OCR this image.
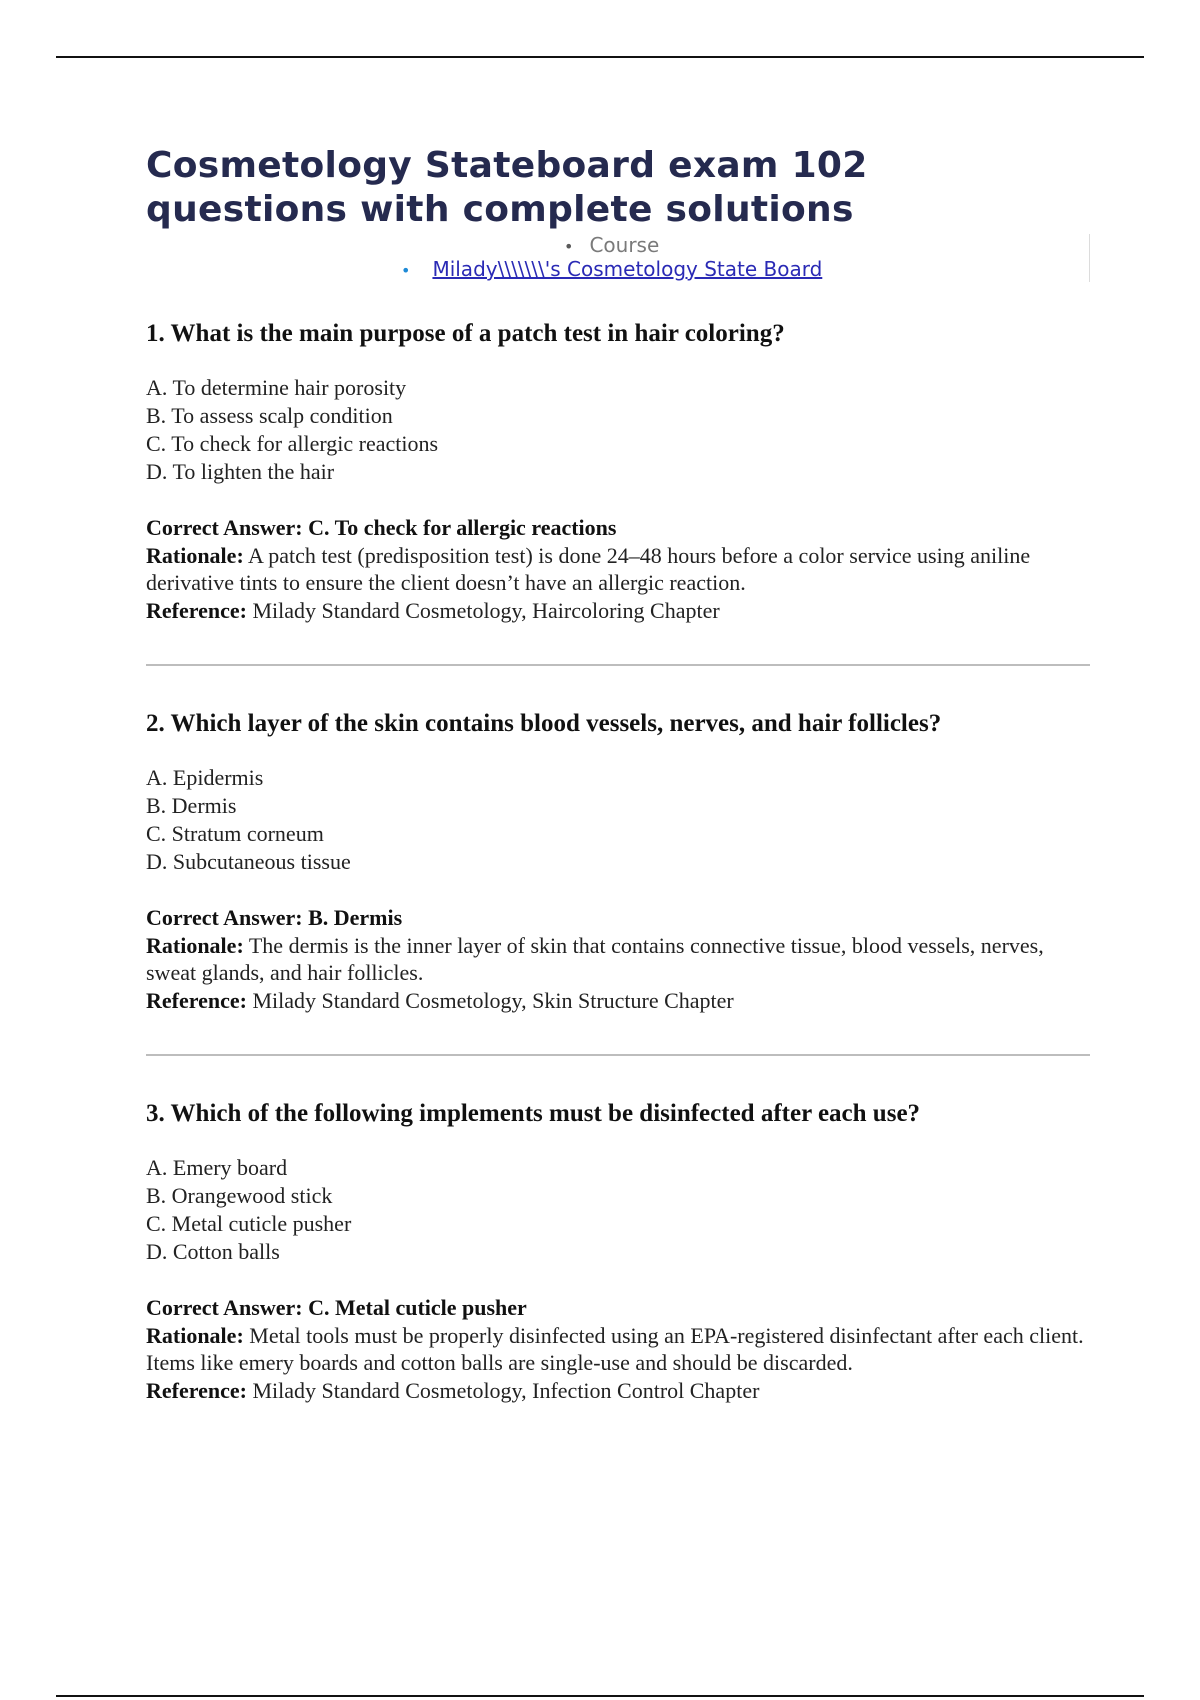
Cosmetology Stateboard exam 102
questions with complete solutions
• Course
• Milady\\\\\\\'s Cosmetology State Board
1. What is the main purpose of a patch test in hair coloring?
A. To determine hair porosity
B. To assess scalp condition
C. To check for allergic reactions
D. To lighten the hair
Correct Answer: C. To check for allergic reactions
Rationale: A patch test (predisposition test) is done 24–48 hours before a color service using aniline derivative tints to ensure the client doesn’t have an allergic reaction.
Reference: Milady Standard Cosmetology, Haircoloring Chapter
2. Which layer of the skin contains blood vessels, nerves, and hair follicles?
A. Epidermis
B. Dermis
C. Stratum corneum
D. Subcutaneous tissue
Correct Answer: B. Dermis
Rationale: The dermis is the inner layer of skin that contains connective tissue, blood vessels, nerves, sweat glands, and hair follicles.
Reference: Milady Standard Cosmetology, Skin Structure Chapter
3. Which of the following implements must be disinfected after each use?
A. Emery board
B. Orangewood stick
C. Metal cuticle pusher
D. Cotton balls
Correct Answer: C. Metal cuticle pusher
Rationale: Metal tools must be properly disinfected using an EPA-registered disinfectant after each client. Items like emery boards and cotton balls are single-use and should be discarded.
Reference: Milady Standard Cosmetology, Infection Control Chapter
